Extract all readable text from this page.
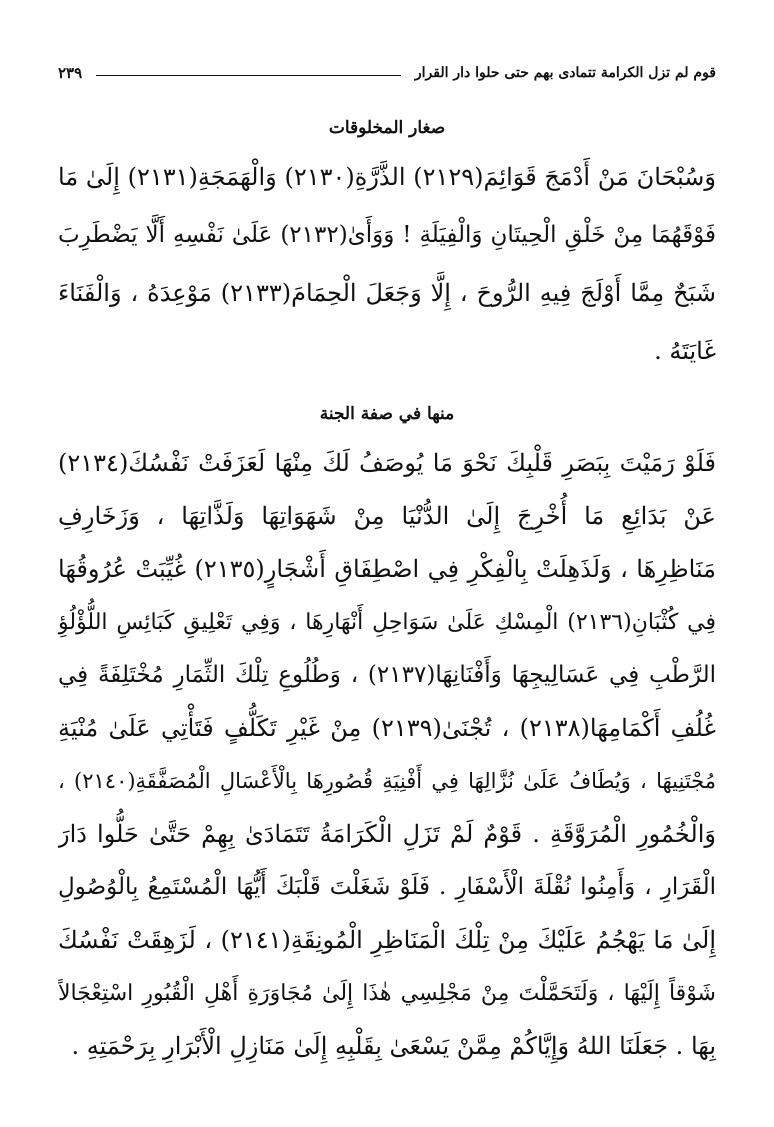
قوم لم تزل الكرامة تتمادى بهم حتى حلوا دار القرار
٢٣٩
صغار المخلوقات
وَسُبْحَانَ مَنْ أَدْمَجَ قَوَائِمَ(٢١٢٩) الذَّرَّةِ(٢١٣٠) وَالْهَمَجَةِ(٢١٣١) إِلَىٰ مَا
فَوْقَهُمَا مِنْ خَلْقِ الْحِيتَانِ وَالْفِيَلَةِ ! وَوَأَىٰ(٢١٣٢) عَلَىٰ نَفْسِهِ أَلَّا يَضْطَرِبَ
شَبَحٌ مِمَّا أَوْلَجَ فِيهِ الرُّوحَ ، إِلَّا وَجَعَلَ الْحِمَامَ(٢١٣٣) مَوْعِدَهُ ، وَالْفَنَاءَ
غَايَتَهُ .
منها في صفة الجنة
فَلَوْ رَمَيْتَ بِبَصَرِ قَلْبِكَ نَحْوَ مَا يُوصَفُ لَكَ مِنْهَا لَعَزَفَتْ نَفْسُكَ(٢١٣٤)
عَنْ بَدَائِعِ مَا أُخْرِجَ إِلَىٰ الدُّنْيَا مِنْ شَهَوَاتِهَا وَلَذَّاتِهَا ، وَزَخَارِفِ
مَنَاظِرِهَا ، وَلَذَهِلَتْ بِالْفِكْرِ فِي اصْطِفَاقِ أَشْجَارٍ(٢١٣٥) غُيِّبَتْ عُرُوقُهَا
فِي كُثْبَانِ(٢١٣٦) الْمِسْكِ عَلَىٰ سَوَاحِلِ أَنْهَارِهَا ، وَفِي تَعْلِيقِ كَبَائِسِ اللُّؤْلُؤِ
الرَّطْبِ فِي عَسَالِيجِهَا وَأَفْنَانِهَا(٢١٣٧) ، وَطُلُوعِ تِلْكَ الثِّمَارِ مُخْتَلِفَةً فِي
غُلُفِ أَكْمَامِهَا(٢١٣٨) ، تُجْنَىٰ(٢١٣٩) مِنْ غَيْرِ تَكَلُّفٍ فَتَأْتِي عَلَىٰ مُنْيَةِ
مُجْتَنِيهَا ، وَيُطَافُ عَلَىٰ نُزَّالِهَا فِي أَفْنِيَةِ قُصُورِهَا بِالْأَعْسَالِ الْمُصَفَّقَةِ(٢١٤٠) ،
وَالْخُمُورِ الْمُرَوَّقَةِ . قَوْمٌ لَمْ تَزَلِ الْكَرَامَةُ تَتَمَادَىٰ بِهِمْ حَتَّىٰ حَلُّوا دَارَ
الْقَرَارِ ، وَأَمِنُوا نُقْلَةَ الْأَسْفَارِ . فَلَوْ شَغَلْتَ قَلْبَكَ أَيُّهَا الْمُسْتَمِعُ بِالْوُصُولِ
إِلَىٰ مَا يَهْجُمُ عَلَيْكَ مِنْ تِلْكَ الْمَنَاظِرِ الْمُونِقَةِ(٢١٤١) ، لَزَهِقَتْ نَفْسُكَ
شَوْقاً إِلَيْهَا ، وَلَتَحَمَّلْتَ مِنْ مَجْلِسِي هٰذَا إِلَىٰ مُجَاوَرَةِ أَهْلِ الْقُبُورِ اسْتِعْجَالاً
بِهَا . جَعَلَنَا اللهُ وَإِيَّاكُمْ مِمَّنْ يَسْعَىٰ بِقَلْبِهِ إِلَىٰ مَنَازِلِ الْأَبْرَارِ بِرَحْمَتِهِ .
